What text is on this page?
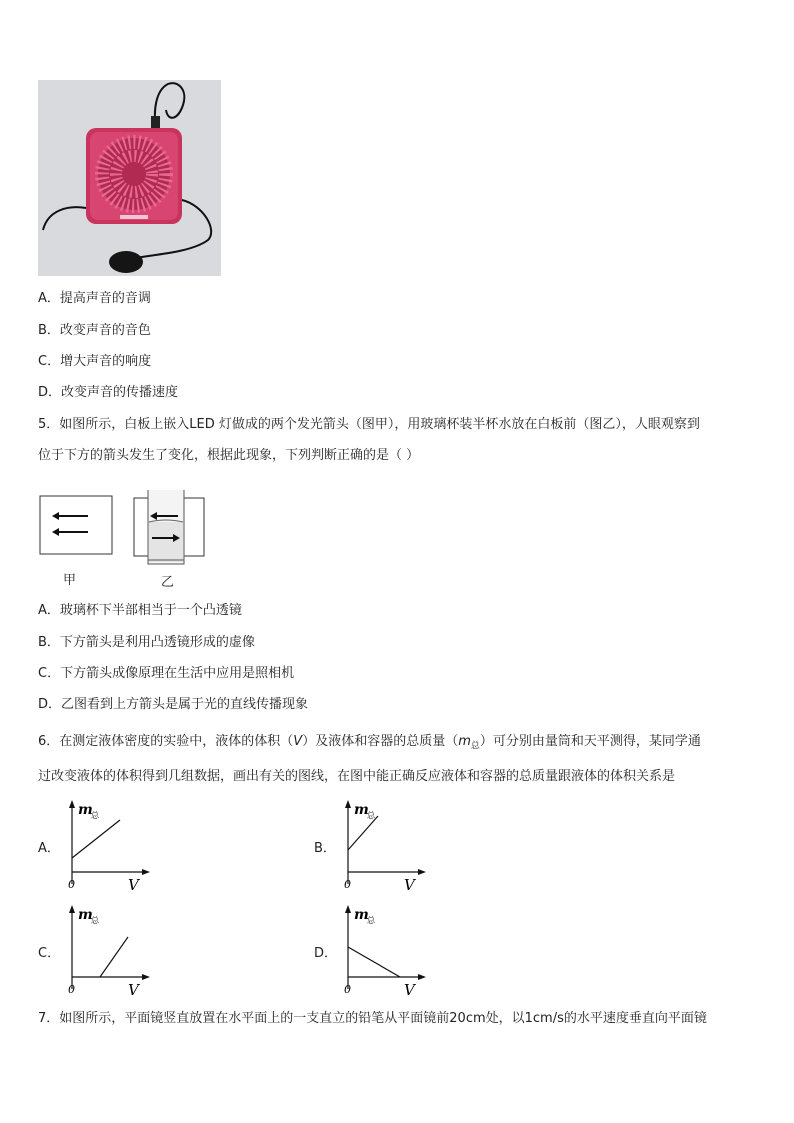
A．提高声音的音调
B．改变声音的音色
C．增大声音的响度
D．改变声音的传播速度
5．如图所示，白板上嵌入LED 灯做成的两个发光箭头（图甲），用玻璃杯装半杯水放在白板前（图乙），人眼观察到
位于下方的箭头发生了变化，根据此现象，下列判断正确的是（ ）
甲	乙
A．玻璃杯下半部相当于一个凸透镜
B．下方箭头是利用凸透镜形成的虚像
C．下方箭头成像原理在生活中应用是照相机
D．乙图看到上方箭头是属于光的直线传播现象
6．在测定液体密度的实验中，液体的体积（V）及液体和容器的总质量$(m_总)$可分别由量筒和天平测得，某同学通
过改变液体的体积得到几组数据，画出有关的图线，在图中能正确反应液体和容器的总质量跟液体的体积关系是
A．	B．
C．	D．
m
总
0	V
m
总
0	V
m
总
0	V
m
总
0	V
7．如图所示，平面镜竖直放置在水平面上的一支直立的铅笔从平面镜前20cm处，以1cm/s的水平速度垂直向平面镜
